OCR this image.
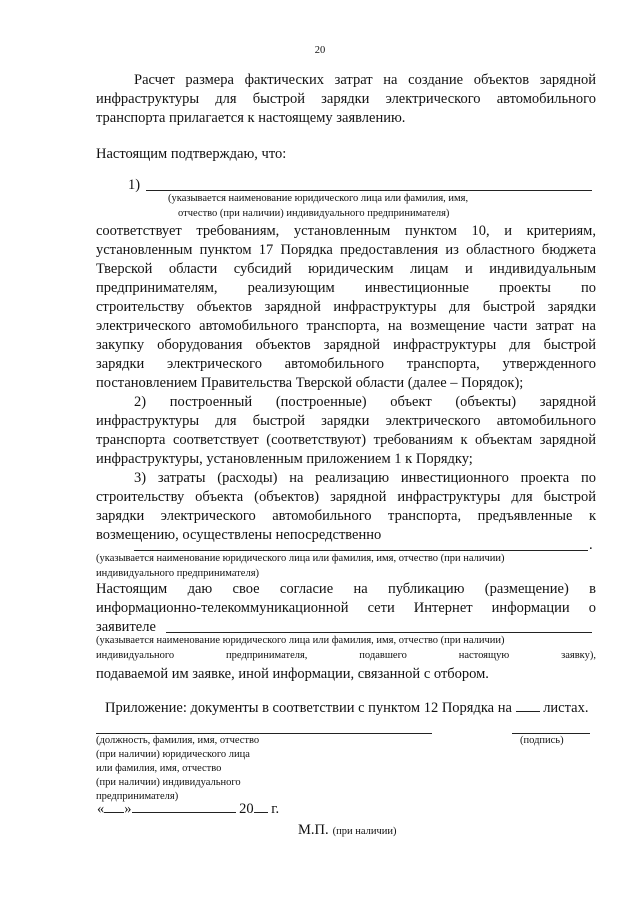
20
Расчет размера фактических затрат на создание объектов зарядной
инфраструктуры для быстрой зарядки электрического автомобильного
транспорта прилагается к настоящему заявлению.
Настоящим подтверждаю, что:
1)
(указывается наименование юридического лица или фамилия, имя,
отчество (при наличии) индивидуального предпринимателя)
соответствует требованиям, установленным пунктом 10, и критериям,
установленным пунктом 17 Порядка предоставления из областного бюджета
Тверской области субсидий юридическим лицам и индивидуальным
предпринимателям, реализующим инвестиционные проекты по
строительству объектов зарядной инфраструктуры для быстрой зарядки
электрического автомобильного транспорта, на возмещение части затрат на
закупку оборудования объектов зарядной инфраструктуры для быстрой
зарядки электрического автомобильного транспорта, утвержденного
постановлением Правительства Тверской области (далее – Порядок);
2) построенный (построенные) объект (объекты) зарядной
инфраструктуры для быстрой зарядки электрического автомобильного
транспорта соответствует (соответствуют) требованиям к объектам зарядной
инфраструктуры, установленным приложением 1 к Порядку;
3) затраты (расходы) на реализацию инвестиционного проекта по
строительству объекта (объектов) зарядной инфраструктуры для быстрой
зарядки электрического автомобильного транспорта, предъявленные к
возмещению, осуществлены непосредственно
.
(указывается наименование юридического лица или фамилия, имя, отчество (при наличии)
индивидуального предпринимателя)
Настоящим даю свое согласие на публикацию (размещение) в
информационно-телекоммуникационной сети Интернет информации о
заявителе
(указывается наименование юридического лица или фамилия, имя, отчество (при наличии)
индивидуального предпринимателя, подавшего настоящую заявку),
подаваемой им заявке, иной информации, связанной с отбором.
Приложение: документы в соответствии с пунктом 12 Порядка на листах.
(должность, фамилия, имя, отчество
(при наличии) юридического лица
или фамилия, имя, отчество
(при наличии) индивидуального
предпринимателя)
(подпись)
« »	20 г.
М.П. (при наличии)
